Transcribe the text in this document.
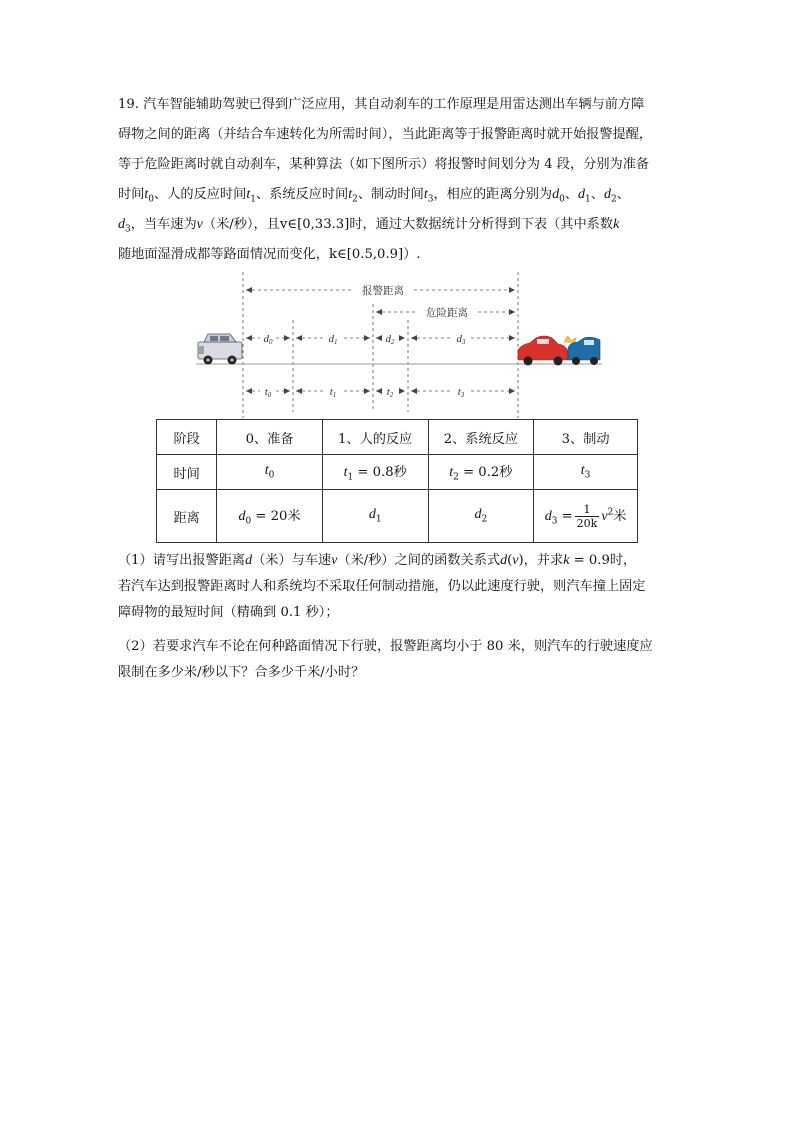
19. 汽车智能辅助驾驶已得到广泛应用，其自动刹车的工作原理是用雷达测出车辆与前方障
碍物之间的距离（并结合车速转化为所需时间），当此距离等于报警距离时就开始报警提醒，
等于危险距离时就自动刹车，某种算法（如下图所示）将报警时间划分为 4 段，分别为准备
时间$t_0$、人的反应时间$t_1$、系统反应时间$t_2$、制动时间$t_3$，相应的距离分别为$d_0$、$d_1$、$d_2$、
$d_3$，当车速为v（米/秒），且v∈[0,33.3]时，通过大数据统计分析得到下表（其中系数k
随地面湿滑成都等路面情况而变化，k∈[0.5,0.9]）.
报警距离
危险距离
d0	d1	d2	d3
t0	t1	t2	t3
阶段	0、准备	1、人的反应	2、系统反应	3、制动
时间	$t_0$	$t_1 = 0.8$秒	$t_2 = 0.2$秒	$t_3$
距离	$d_0 = 20$米	$d_1$	$d_2$	$d_3 = \frac{1}{20k} v^2$米
（1）请写出报警距离d（米）与车速v（米/秒）之间的函数关系式d(v)，并求k = 0.9时，
若汽车达到报警距离时人和系统均不采取任何制动措施，仍以此速度行驶，则汽车撞上固定
障碍物的最短时间（精确到 0.1 秒）；
（2）若要求汽车不论在何种路面情况下行驶，报警距离均小于 80 米，则汽车的行驶速度应
限制在多少米/秒以下？合多少千米/小时？
